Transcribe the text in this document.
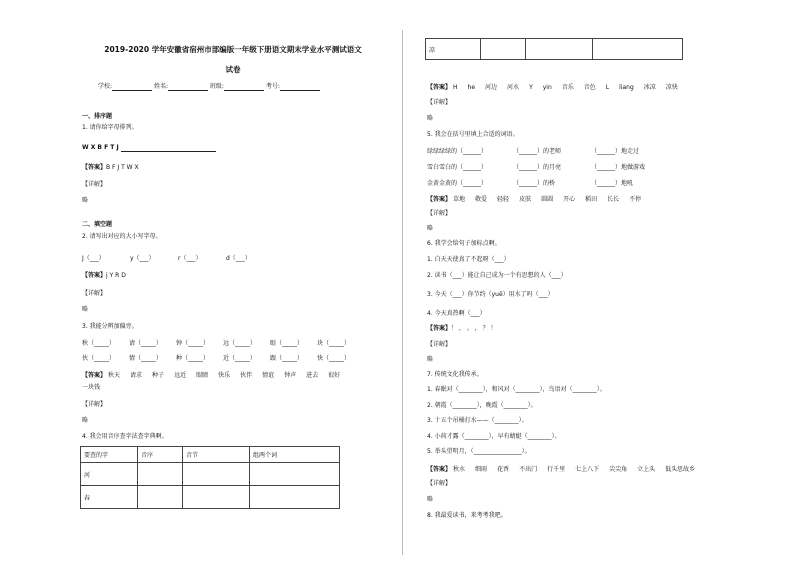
2019-2020 学年安徽省宿州市部编版一年级下册语文期末学业水平测试语文
试卷
学校:	姓名:	班级:	考号:
一、排序题
1. 请你给字母排列。
W X B F T J
【答案】B F J T W X
【详解】
略
二、填空题
2. 请写出对应的大小写字母。
J（___）	y（___）	r（___）	d（___）
【答案】j Y R D
【详解】
略
3. 我能分辨加偏旁。
秋（_____） 请（_____） 钟（_____） 远（_____） 眼（_____） 块（_____）
伙（_____） 情（_____） 种（_____） 近（_____） 跟（_____） 快（_____）
【答案】 秋天 请求 种子 远近 眼睛 快乐 伙伴 情谊 钟声 进去 很好
一块钱
【详解】
略
4. 我会用音序查字法查字典啊。
要查的字	音序	音节	组两个词
河			
春			
凉			
【答案】 H he 河边 河水 Y yin 音乐 音色 L liang 冰凉 凉快
【详解】
略
5. 我会在括号里填上合适的词语。
绿绿绿绿的（______）	（______）的老师	（______）地走过
雪白雪白的（______）	（______）的月亮	（______）地做游戏
金黄金黄的（______）	（______）的桥	（______）地吼
【答案】 草地 敬爱 轻轻 皮肤 圆圆 开心 稻田 长长 不停
【详解】
略
6. 我学会给句子加标点啊。
1. 白天天使真了不起呀（___）
2. 读书（___）能让自己成为一个有思想的人（___）
3. 今天（___）你节约（yuē）用水了吗（___）
4. 今天真热啊（___）
【答案】！ ， 。 ， ？ ！
【详解】
略
7. 传统文化我传承。
1. 春眠对（________），和风对（________），鸟语对（________）。
2. 朝霞（________），晚霞（________）。
3. 十五个吊桶打水——（________）。
4. 小荷才露（________），早有蜻蜓（________）。
5. 举头望明月，（________________）。
【答案】 秋水 细雨 花香 不出门 行千里 七上八下 尖尖角 立上头 低头思故乡
【详解】
略
8. 我最爱读书，来考考我吧。
